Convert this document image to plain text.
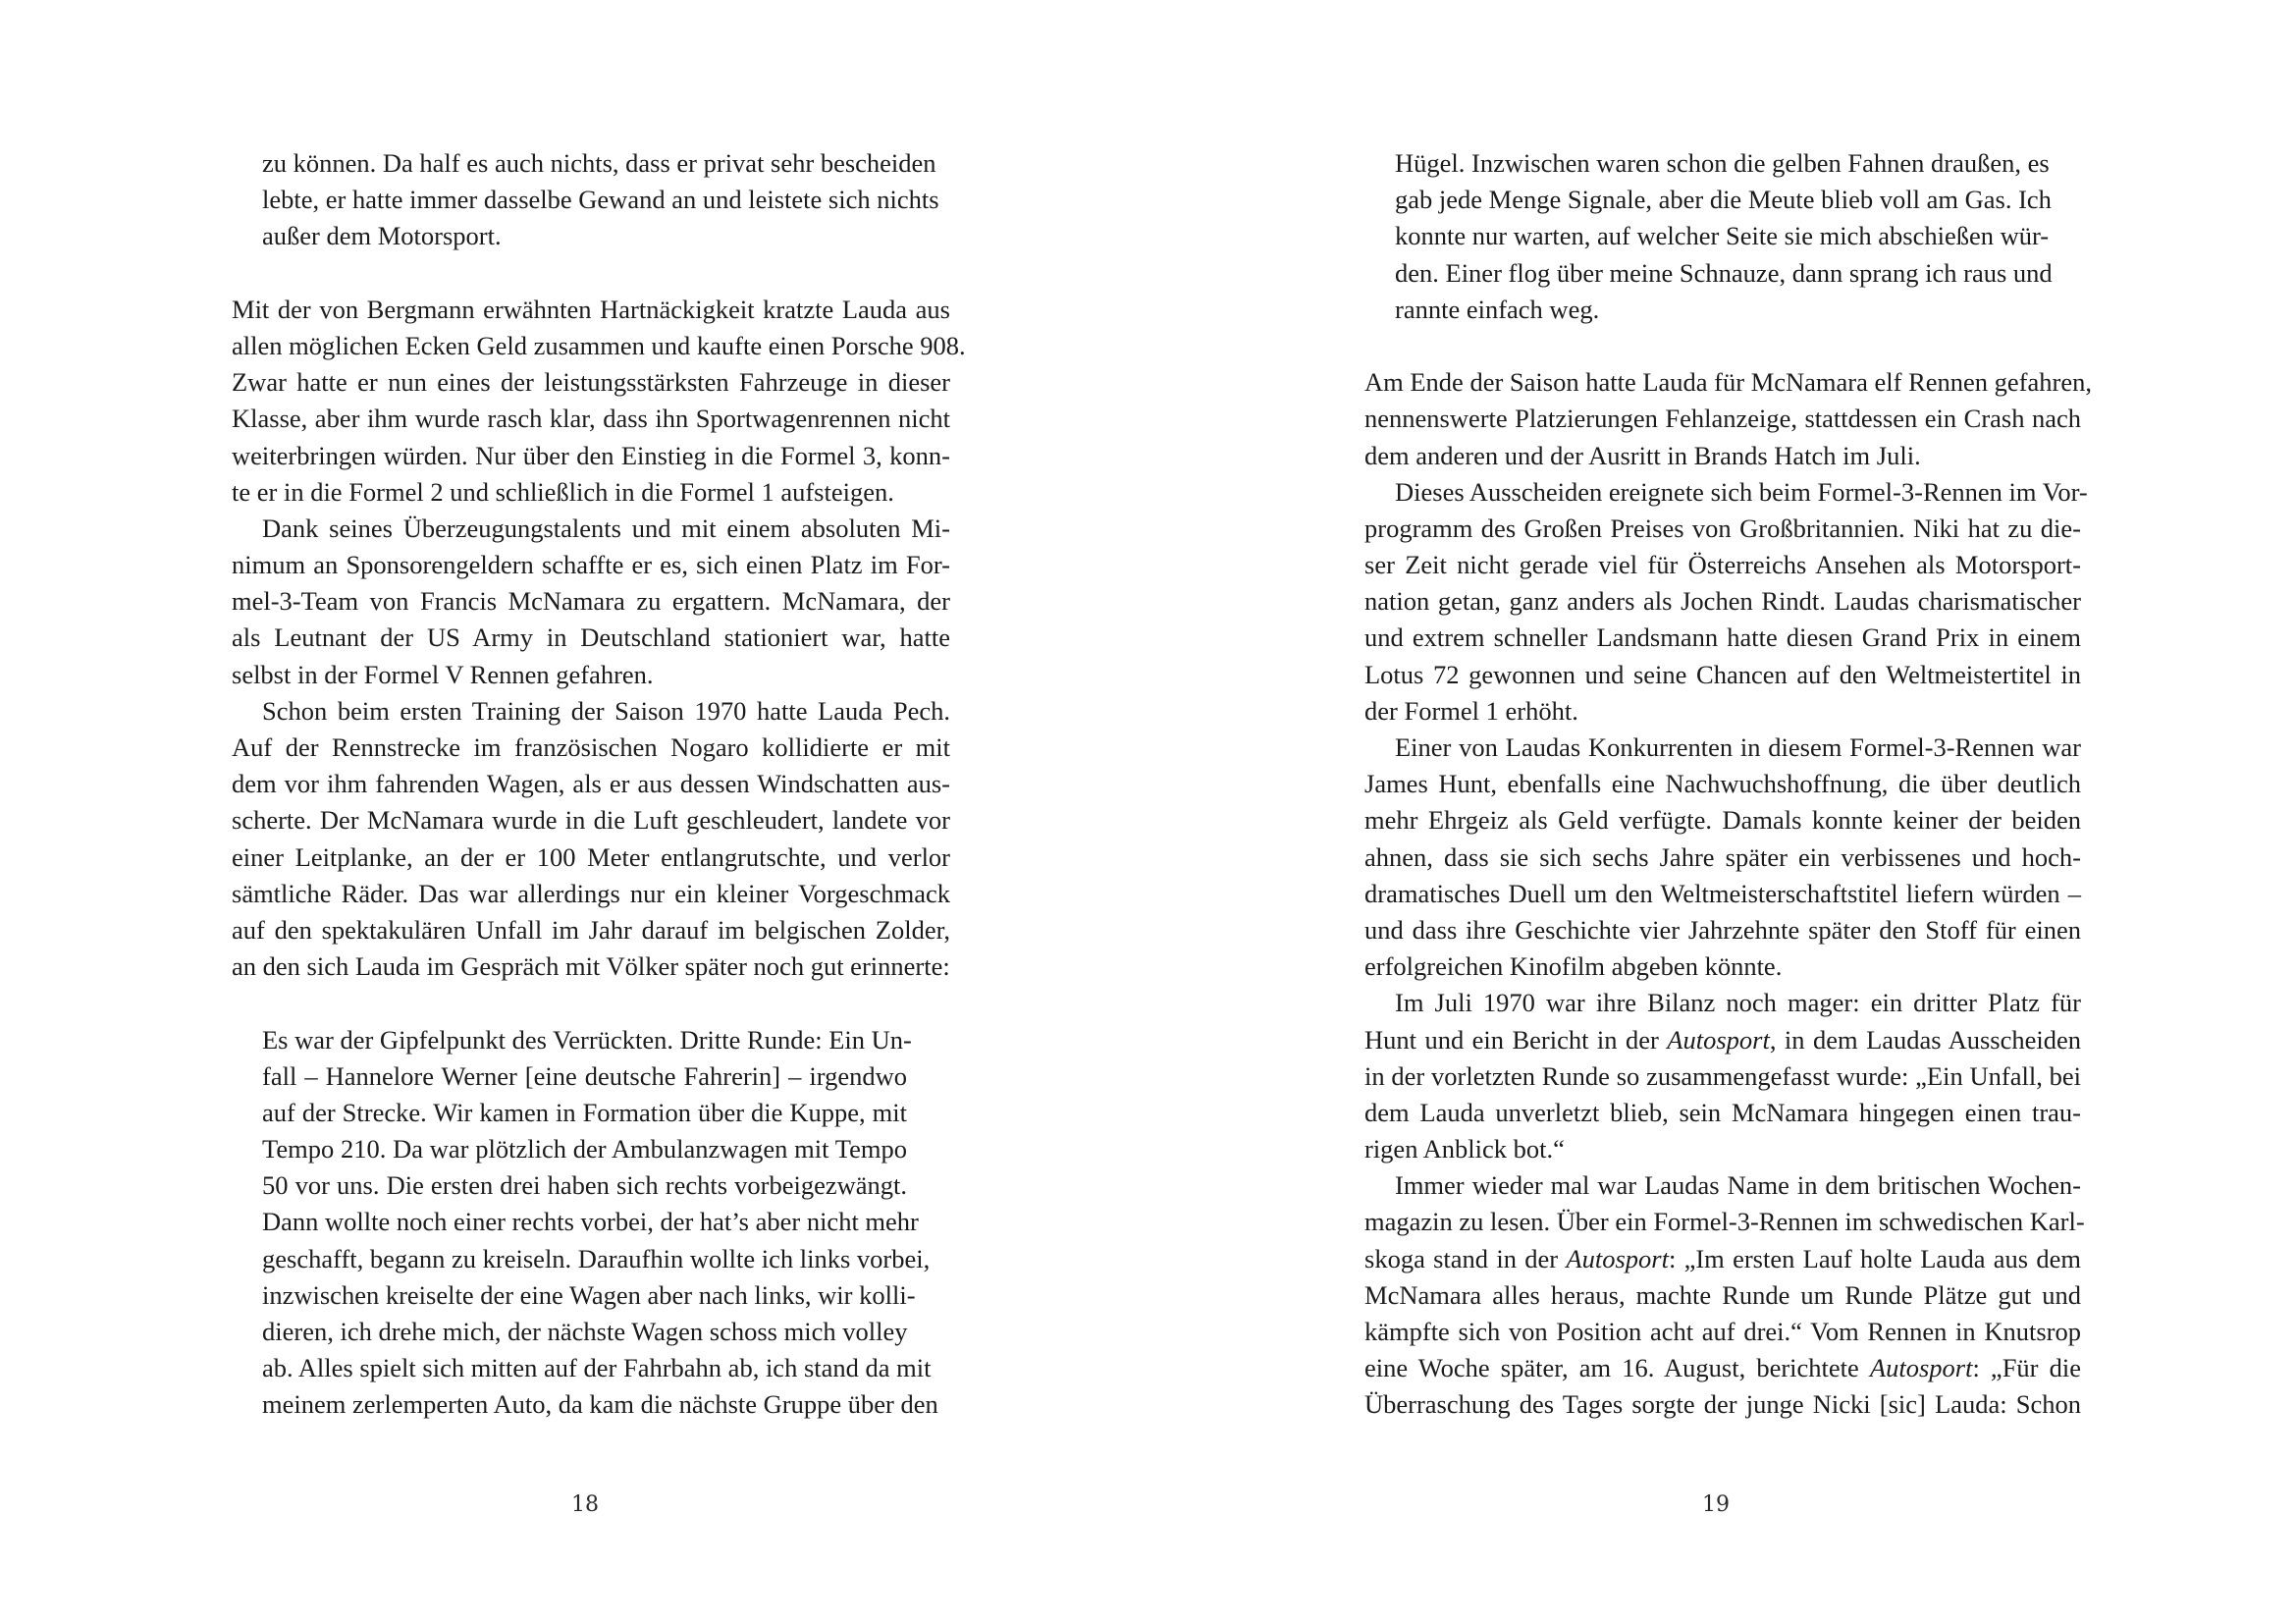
zu können. Da half es auch nichts, dass er privat sehr bescheiden
lebte, er hatte immer dasselbe Gewand an und leistete sich nichts
außer dem Motorsport.
Mit der von Bergmann erwähnten Hartnäckigkeit kratzte Lauda aus
allen möglichen Ecken Geld zusammen und kaufte einen Porsche 908.
Zwar hatte er nun eines der leistungsstärksten Fahrzeuge in dieser
Klasse, aber ihm wurde rasch klar, dass ihn Sportwagenrennen nicht
weiterbringen würden. Nur über den Einstieg in die Formel 3, konn-
te er in die Formel 2 und schließlich in die Formel 1 aufsteigen.
Dank seines Überzeugungstalents und mit einem absoluten Mi-
nimum an Sponsorengeldern schaffte er es, sich einen Platz im For-
mel-3-Team von Francis McNamara zu ergattern. McNamara, der
als Leutnant der US Army in Deutschland stationiert war, hatte
selbst in der Formel V Rennen gefahren.
Schon beim ersten Training der Saison 1970 hatte Lauda Pech.
Auf der Rennstrecke im französischen Nogaro kollidierte er mit
dem vor ihm fahrenden Wagen, als er aus dessen Windschatten aus-
scherte. Der McNamara wurde in die Luft geschleudert, landete vor
einer Leitplanke, an der er 100 Meter entlangrutschte, und verlor
sämtliche Räder. Das war allerdings nur ein kleiner Vorgeschmack
auf den spektakulären Unfall im Jahr darauf im belgischen Zolder,
an den sich Lauda im Gespräch mit Völker später noch gut erinnerte:
Es war der Gipfelpunkt des Verrückten. Dritte Runde: Ein Un-
fall – Hannelore Werner [eine deutsche Fahrerin] – irgendwo
auf der Strecke. Wir kamen in Formation über die Kuppe, mit
Tempo 210. Da war plötzlich der Ambulanzwagen mit Tempo
50 vor uns. Die ersten drei haben sich rechts vorbeigezwängt.
Dann wollte noch einer rechts vorbei, der hat’s aber nicht mehr
geschafft, begann zu kreiseln. Daraufhin wollte ich links vorbei,
inzwischen kreiselte der eine Wagen aber nach links, wir kolli-
dieren, ich drehe mich, der nächste Wagen schoss mich volley
ab. Alles spielt sich mitten auf der Fahrbahn ab, ich stand da mit
meinem zerlemperten Auto, da kam die nächste Gruppe über den
18
Hügel. Inzwischen waren schon die gelben Fahnen draußen, es
gab jede Menge Signale, aber die Meute blieb voll am Gas. Ich
konnte nur warten, auf welcher Seite sie mich abschießen wür-
den. Einer flog über meine Schnauze, dann sprang ich raus und
rannte einfach weg.
Am Ende der Saison hatte Lauda für McNamara elf Rennen gefahren,
nennenswerte Platzierungen Fehlanzeige, stattdessen ein Crash nach
dem anderen und der Ausritt in Brands Hatch im Juli.
Dieses Ausscheiden ereignete sich beim Formel-3-Rennen im Vor-
programm des Großen Preises von Großbritannien. Niki hat zu die-
ser Zeit nicht gerade viel für Österreichs Ansehen als Motorsport-
nation getan, ganz anders als Jochen Rindt. Laudas charismatischer
und extrem schneller Landsmann hatte diesen Grand Prix in einem
Lotus 72 gewonnen und seine Chancen auf den Weltmeistertitel in
der Formel 1 erhöht.
Einer von Laudas Konkurrenten in diesem Formel-3-Rennen war
James Hunt, ebenfalls eine Nachwuchshoffnung, die über deutlich
mehr Ehrgeiz als Geld verfügte. Damals konnte keiner der beiden
ahnen, dass sie sich sechs Jahre später ein verbissenes und hoch-
dramatisches Duell um den Weltmeisterschaftstitel liefern würden –
und dass ihre Geschichte vier Jahrzehnte später den Stoff für einen
erfolgreichen Kinofilm abgeben könnte.
Im Juli 1970 war ihre Bilanz noch mager: ein dritter Platz für
Hunt und ein Bericht in der Autosport, in dem Laudas Ausscheiden
in der vorletzten Runde so zusammengefasst wurde: „Ein Unfall, bei
dem Lauda unverletzt blieb, sein McNamara hingegen einen trau-
rigen Anblick bot.“
Immer wieder mal war Laudas Name in dem britischen Wochen-
magazin zu lesen. Über ein Formel-3-Rennen im schwedischen Karl-
skoga stand in der Autosport: „Im ersten Lauf holte Lauda aus dem
McNamara alles heraus, machte Runde um Runde Plätze gut und
kämpfte sich von Position acht auf drei.“ Vom Rennen in Knutsrop
eine Woche später, am 16. August, berichtete Autosport: „Für die
Überraschung des Tages sorgte der junge Nicki [sic] Lauda: Schon
19
